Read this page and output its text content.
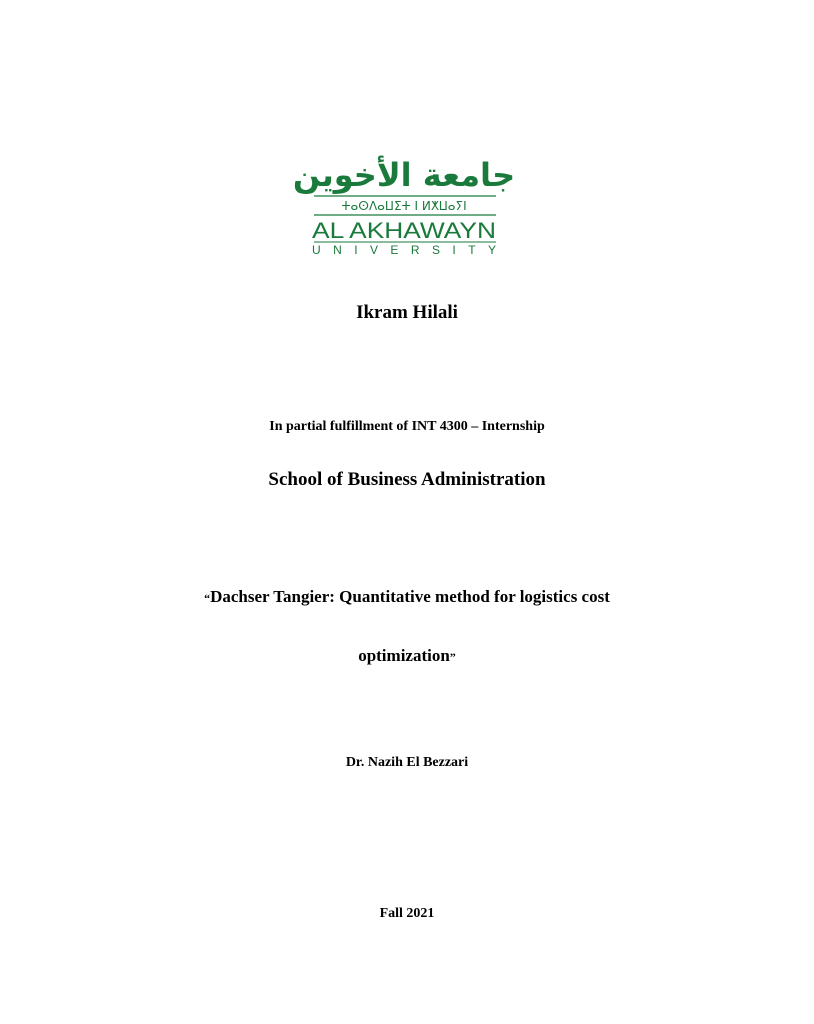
جامعة الأخوين
ⵜⴰⵙⴷⴰⵡⵉⵜ ⵏ ⵍⵅⵡⴰⵢⵏ
AL AKHAWAYN
UNIVERSITY
Ikram Hilali
In partial fulfillment of INT 4300 – Internship
School of Business Administration
“Dachser Tangier: Quantitative method for logistics cost
optimization”
Dr. Nazih El Bezzari
Fall 2021
